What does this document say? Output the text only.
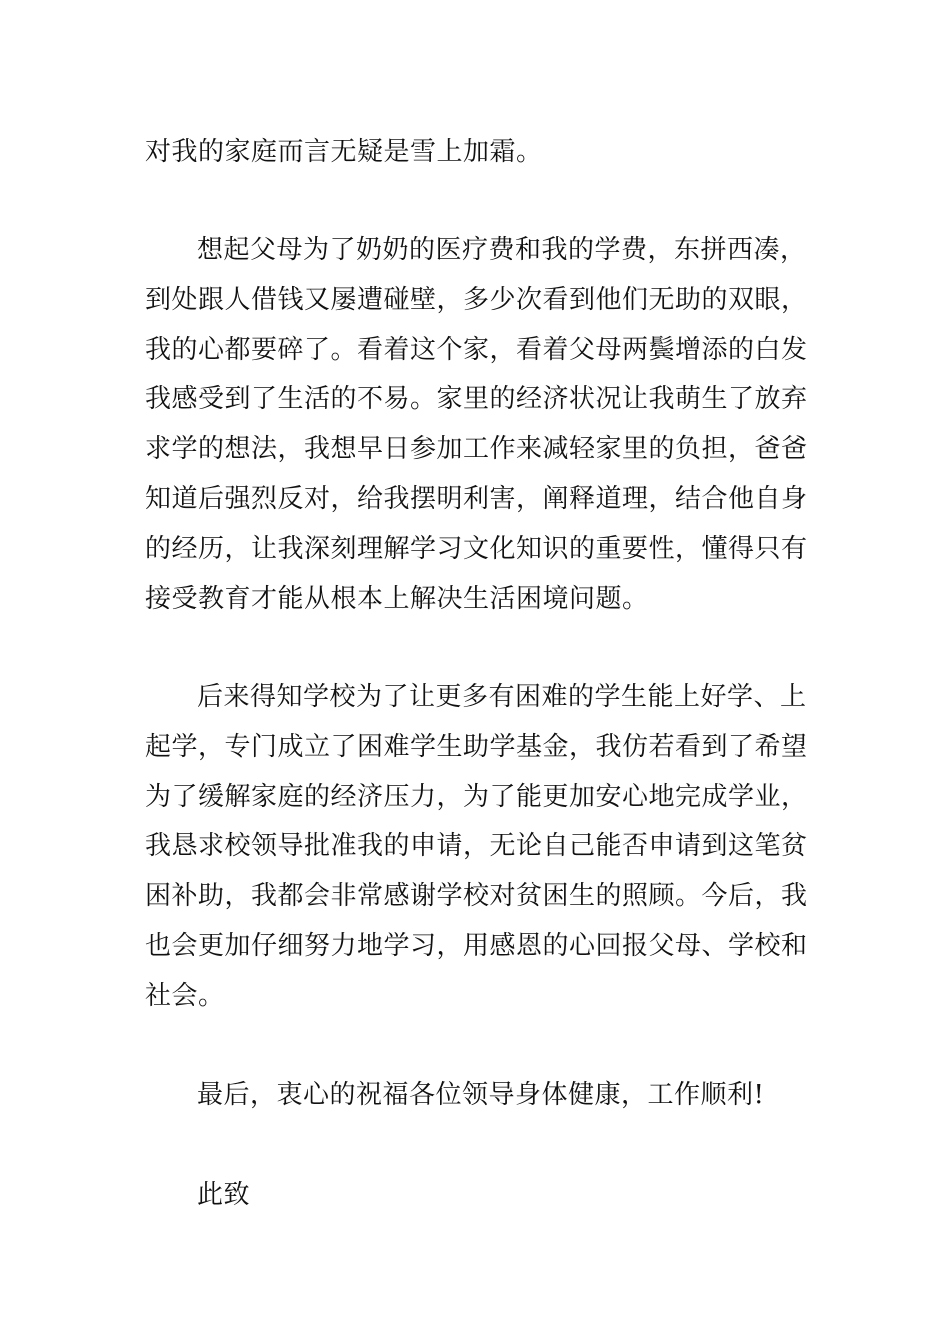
对我的家庭而言无疑是雪上加霜。
想起父母为了奶奶的医疗费和我的学费，东拼西凑，
到处跟人借钱又屡遭碰壁，多少次看到他们无助的双眼，
我的心都要碎了。看着这个家，看着父母两鬓增添的白发
我感受到了生活的不易。家里的经济状况让我萌生了放弃
求学的想法，我想早日参加工作来减轻家里的负担，爸爸
知道后强烈反对，给我摆明利害，阐释道理，结合他自身
的经历，让我深刻理解学习文化知识的重要性，懂得只有
接受教育才能从根本上解决生活困境问题。
后来得知学校为了让更多有困难的学生能上好学、上
起学，专门成立了困难学生助学基金，我仿若看到了希望
为了缓解家庭的经济压力，为了能更加安心地完成学业，
我恳求校领导批准我的申请，无论自己能否申请到这笔贫
困补助，我都会非常感谢学校对贫困生的照顾。今后，我
也会更加仔细努力地学习，用感恩的心回报父母、学校和
社会。
最后，衷心的祝福各位领导身体健康，工作顺利!
此致
